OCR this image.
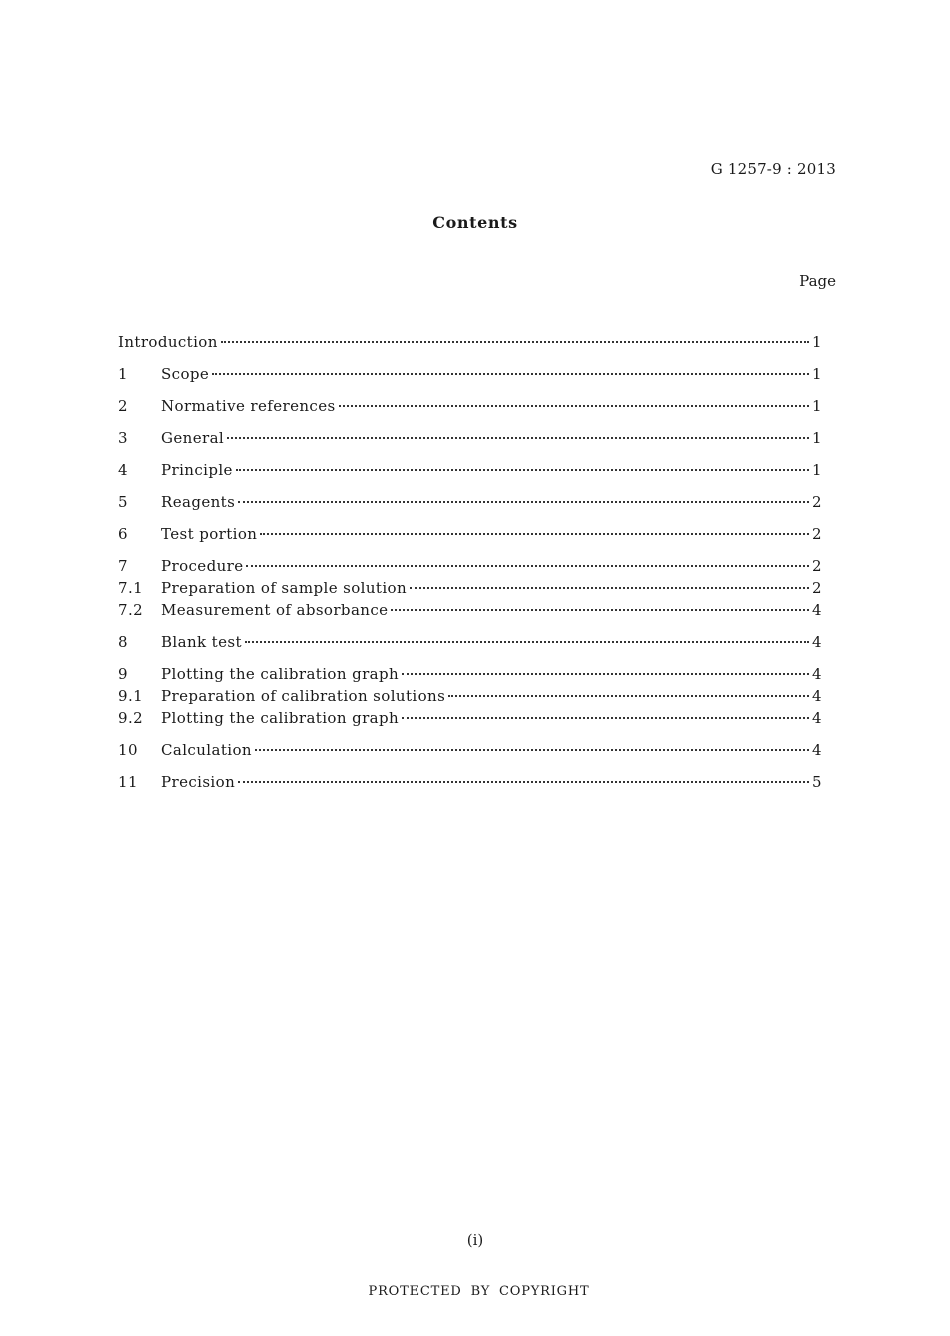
G 1257-9 : 2013
Contents
Page
Introduction	1
1	Scope	1
2	Normative references	1
3	General	1
4	Principle	1
5	Reagents	2
6	Test portion	2
7	Procedure	2
7.1	Preparation of sample solution	2
7.2	Measurement of absorbance	4
8	Blank test	4
9	Plotting the calibration graph	4
9.1	Preparation of calibration solutions	4
9.2	Plotting the calibration graph	4
10	Calculation	4
11	Precision	5
(i)
PROTECTED BY COPYRIGHT
